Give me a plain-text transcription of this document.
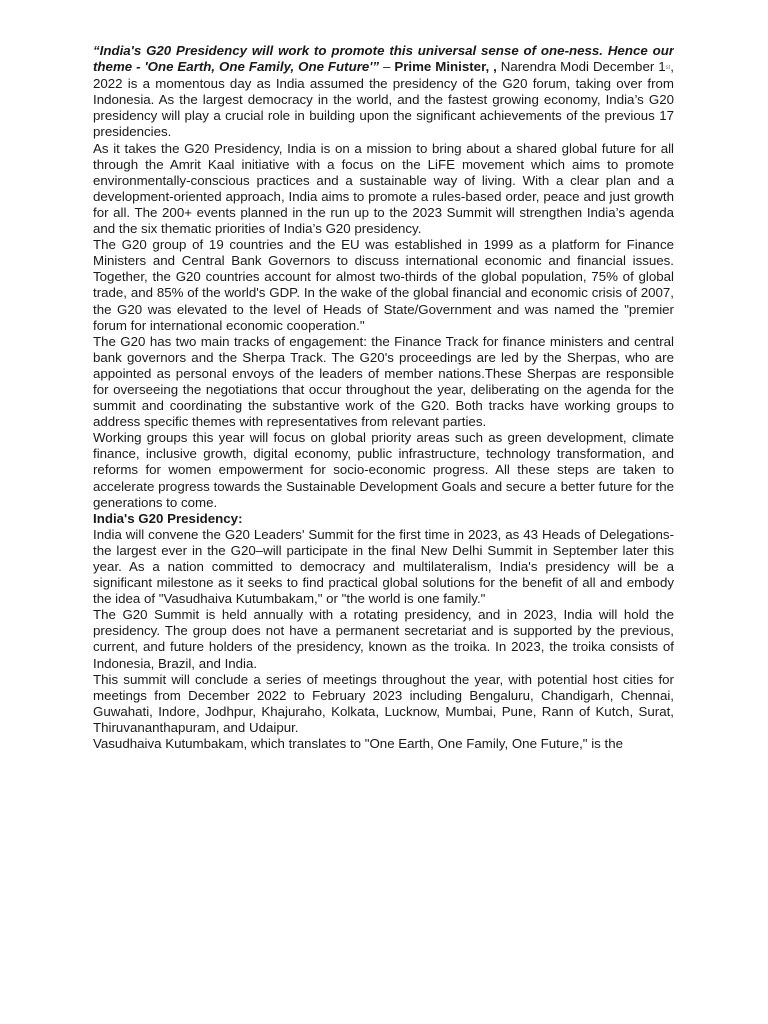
“India's G20 Presidency will work to promote this universal sense of one-ness. Hence our theme - 'One Earth, One Family, One Future'” – Prime Minister, , Narendra Modi December 1st, 2022 is a momentous day as India assumed the presidency of the G20 forum, taking over from Indonesia. As the largest democracy in the world, and the fastest growing economy, India’s G20 presidency will play a crucial role in building upon the significant achievements of the previous 17 presidencies.

As it takes the G20 Presidency, India is on a mission to bring about a shared global future for all through the Amrit Kaal initiative with a focus on the LiFE movement which aims to promote environmentally-conscious practices and a sustainable way of living. With a clear plan and a development-oriented approach, India aims to promote a rules-based order, peace and just growth for all. The 200+ events planned in the run up to the 2023 Summit will strengthen India’s agenda and the six thematic priorities of India’s G20 presidency.

The G20 group of 19 countries and the EU was established in 1999 as a platform for Finance Ministers and Central Bank Governors to discuss international economic and financial issues. Together, the G20 countries account for almost two-thirds of the global population, 75% of global trade, and 85% of the world's GDP. In the wake of the global financial and economic crisis of 2007, the G20 was elevated to the level of Heads of State/Government and was named the "premier forum for international economic cooperation."

The G20 has two main tracks of engagement: the Finance Track for finance ministers and central bank governors and the Sherpa Track. The G20's proceedings are led by the Sherpas, who are appointed as personal envoys of the leaders of member nations.These Sherpas are responsible for overseeing the negotiations that occur throughout the year, deliberating on the agenda for the summit and coordinating the substantive work of the G20. Both tracks have working groups to address specific themes with representatives from relevant parties.

Working groups this year will focus on global priority areas such as green development, climate finance, inclusive growth, digital economy, public infrastructure, technology transformation, and reforms for women empowerment for socio-economic progress. All these steps are taken to accelerate progress towards the Sustainable Development Goals and secure a better future for the generations to come.

India's G20 Presidency:

India will convene the G20 Leaders' Summit for the first time in 2023, as 43 Heads of Delegations- the largest ever in the G20–will participate in the final New Delhi Summit in September later this year. As a nation committed to democracy and multilateralism, India's presidency will be a significant milestone as it seeks to find practical global solutions for the benefit of all and embody the idea of "Vasudhaiva Kutumbakam," or "the world is one family."

The G20 Summit is held annually with a rotating presidency, and in 2023, India will hold the presidency. The group does not have a permanent secretariat and is supported by the previous, current, and future holders of the presidency, known as the troika. In 2023, the troika consists of Indonesia, Brazil, and India.

This summit will conclude a series of meetings throughout the year, with potential host cities for meetings from December 2022 to February 2023 including Bengaluru, Chandigarh, Chennai, Guwahati, Indore, Jodhpur, Khajuraho, Kolkata, Lucknow, Mumbai, Pune, Rann of Kutch, Surat, Thiruvananthapuram, and Udaipur.

Vasudhaiva Kutumbakam, which translates to "One Earth, One Family, One Future," is the
